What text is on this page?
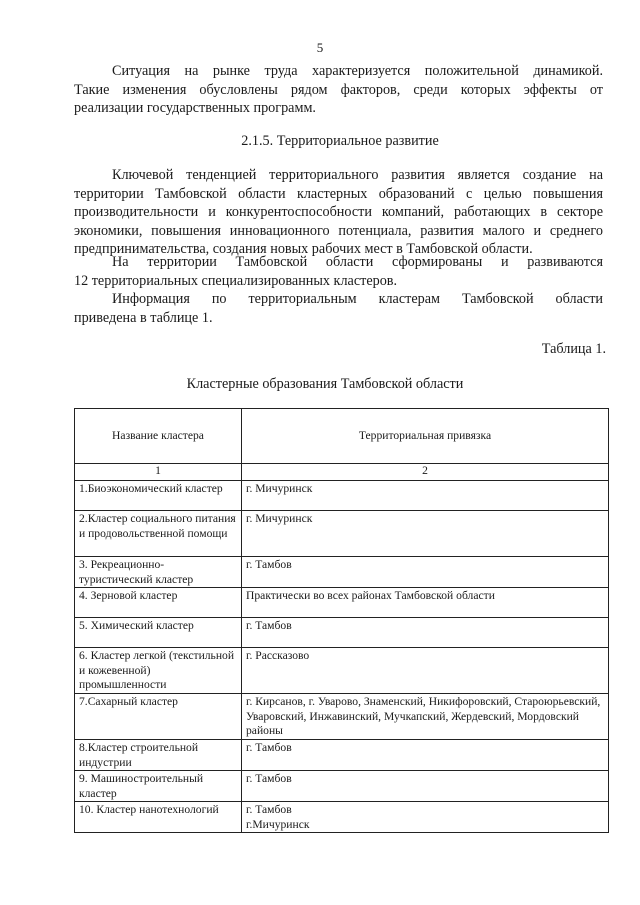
5

Ситуация на рынке труда характеризуется положительной динамикой.
Такие изменения обусловлены рядом факторов, среди которых эффекты от
реализации государственных программ.

2.1.5. Территориальное развитие

Ключевой тенденцией территориального развития является создание на
территории Тамбовской области кластерных образований с целью повышения
производительности и конкурентоспособности компаний, работающих в секторе
экономики, повышения инновационного потенциала, развития малого и среднего
предпринимательства, создания новых рабочих мест в Тамбовской области.

На территории Тамбовской области сформированы и развиваются
12 территориальных специализированных кластеров.

Информация по территориальным кластерам Тамбовской области
приведена в таблице 1.

Таблица 1.
Кластерные образования Тамбовской области
Название кластера	Территориальная привязка
1	2
1.Биоэкономический кластер	г. Мичуринск
2.Кластер социального питания и продовольственной помощи	г. Мичуринск
3. Рекреационно-туристический кластер	г. Тамбов
4. Зерновой кластер	Практически во всех районах Тамбовской области
5. Химический кластер	г. Тамбов
6. Кластер легкой (текстильной и кожевенной) промышленности	г. Рассказово
7.Сахарный кластер	г. Кирсанов, г. Уварово, Знаменский, Никифоровский, Староюрьевский, Уваровский, Инжавинский, Мучкапский, Жердевский, Мордовский районы
8.Кластер строительной индустрии	г. Тамбов
9. Машиностроительный кластер	г. Тамбов
10. Кластер нанотехнологий	г. Тамбов
г.Мичуринск
